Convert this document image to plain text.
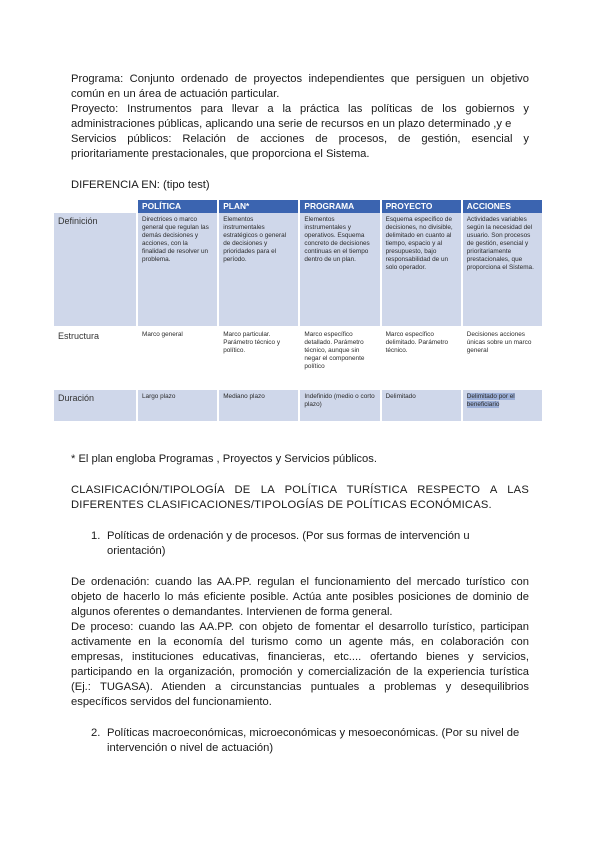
Programa: Conjunto ordenado de proyectos independientes que persiguen un objetivo común en un área de actuación particular.

Proyecto: Instrumentos para llevar a la práctica las políticas de los gobiernos y administraciones públicas, aplicando una serie de recursos en un plazo determinado ,y e

Servicios públicos: Relación de acciones de procesos, de gestión, esencial y prioritariamente prestacionales, que proporciona el Sistema.

DIFERENCIA EN: (tipo test)

	POLÍTICA	PLAN*	PROGRAMA	PROYECTO	ACCIONES
Definición	Directrices o marco general que regulan las demás decisiones y acciones, con la finalidad de resolver un problema.	Elementos instrumentales estratégicos o general de decisiones y prioridades para el período.	Elementos instrumentales y operativos. Esquema concreto de decisiones continuas en el tiempo dentro de un plan.	Esquema específico de decisiones, no divisible, delimitado en cuanto al tiempo, espacio y al presupuesto, bajo responsabilidad de un solo operador.	Actividades variables según la necesidad del usuario. Son procesos de gestión, esencial y prioritariamente prestacionales, que proporciona el Sistema.
Estructura	Marco general	Marco particular. Parámetro técnico y político.	Marco específico detallado. Parámetro técnico, aunque sin negar el componente político	Marco específico delimitado. Parámetro técnico.	Decisiones acciones únicas sobre un marco general
Duración	Largo plazo	Mediano plazo	Indefinido (medio o corto plazo)	Delimitado	Delimitado por el beneficiario

* El plan engloba Programas , Proyectos y Servicios públicos.

CLASIFICACIÓN/TIPOLOGÍA DE LA POLÍTICA TURÍSTICA RESPECTO A LAS DIFERENTES CLASIFICACIONES/TIPOLOGÍAS DE POLÍTICAS ECONÓMICAS.

1. Políticas de ordenación y de procesos. (Por sus formas de intervención u orientación)

De ordenación: cuando las AA.PP. regulan el funcionamiento del mercado turístico con objeto de hacerlo lo más eficiente posible. Actúa ante posibles posiciones de dominio de algunos oferentes o demandantes. Intervienen de forma general.

De proceso: cuando las AA.PP. con objeto de fomentar el desarrollo turístico, participan activamente en la economía del turismo como un agente más, en colaboración con empresas, instituciones educativas, financieras, etc.... ofertando bienes y servicios, participando en la organización, promoción y comercialización de la experiencia turística (Ej.: TUGASA). Atienden a circunstancias puntuales a problemas y desequilibrios específicos servidos del funcionamiento.

2. Políticas macroeconómicas, microeconómicas y mesoeconómicas. (Por su nivel de intervención o nivel de actuación)
